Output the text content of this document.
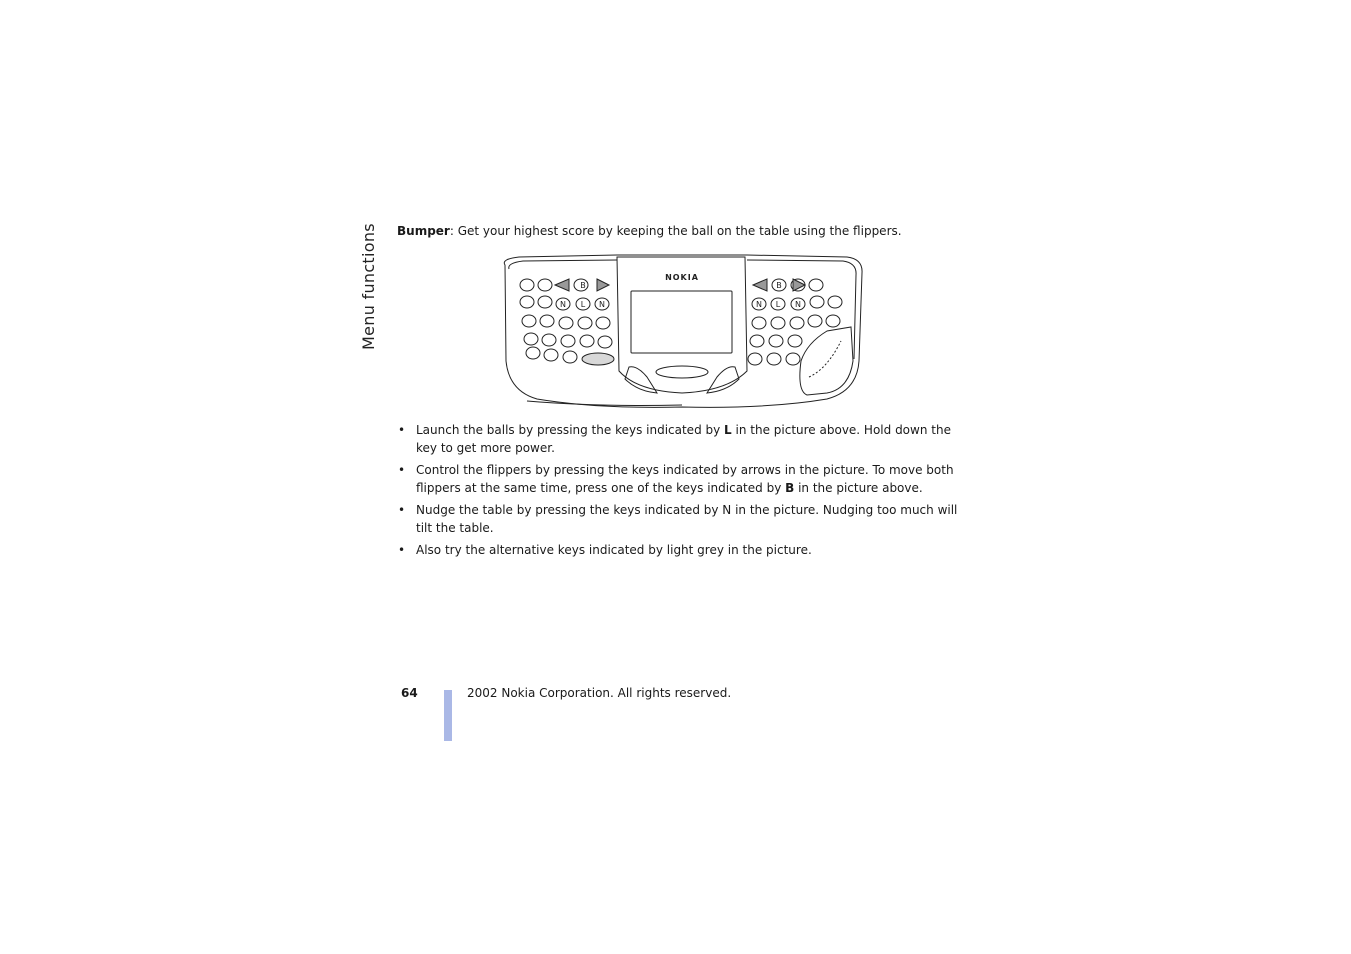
Menu functions Bumper: Get your highest score by keeping the ball on the table using the flippers.
NOKIA
B
N L N
B
N L N
• Launch the balls by pressing the keys indicated by L in the picture above. Hold down the key to get more power.
• Control the flippers by pressing the keys indicated by arrows in the picture. To move both flippers at the same time, press one of the keys indicated by B in the picture above.
• Nudge the table by pressing the keys indicated by N in the picture. Nudging too much will tilt the table.
• Also try the alternative keys indicated by light grey in the picture.
64	2002 Nokia Corporation. All rights reserved.
